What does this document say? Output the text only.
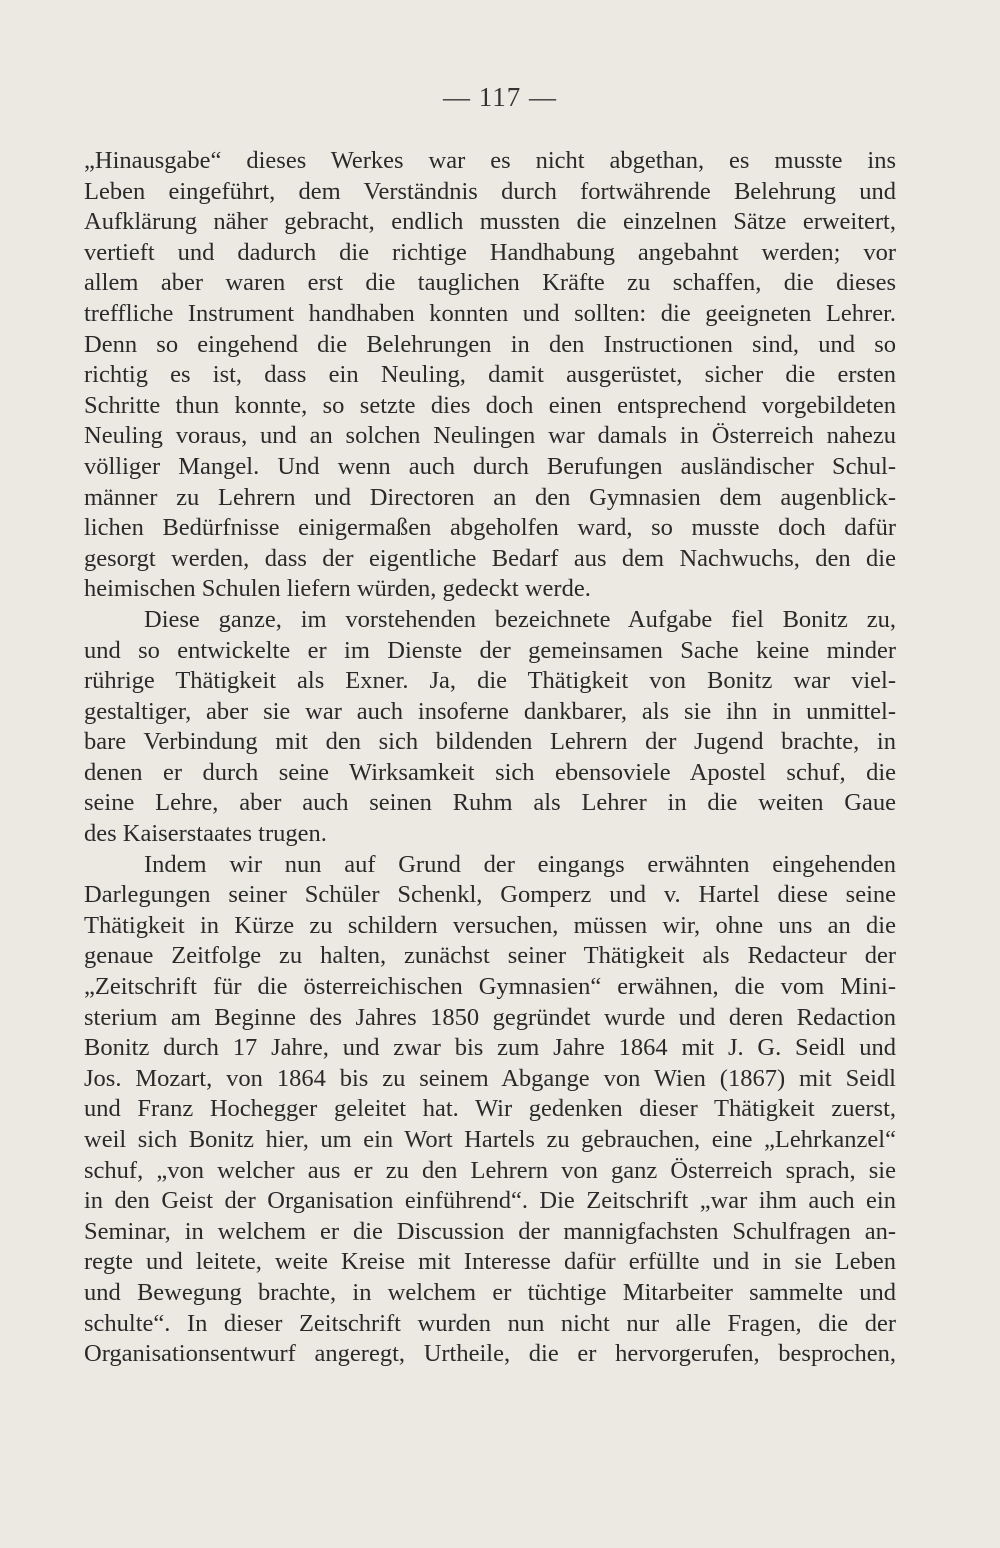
— 117 —
„Hinausgabe“ dieses Werkes war es nicht abgethan, es musste ins
Leben eingeführt, dem Verständnis durch fortwährende Belehrung und
Aufklärung näher gebracht, endlich mussten die einzelnen Sätze erweitert,
vertieft und dadurch die richtige Handhabung angebahnt werden; vor
allem aber waren erst die tauglichen Kräfte zu schaffen, die dieses
treffliche Instrument handhaben konnten und sollten: die geeigneten Lehrer.
Denn so eingehend die Belehrungen in den Instructionen sind, und so
richtig es ist, dass ein Neuling, damit ausgerüstet, sicher die ersten
Schritte thun konnte, so setzte dies doch einen entsprechend vorgebildeten
Neuling voraus, und an solchen Neulingen war damals in Österreich nahezu
völliger Mangel. Und wenn auch durch Berufungen ausländischer Schul-
männer zu Lehrern und Directoren an den Gymnasien dem augenblick-
lichen Bedürfnisse einigermaßen abgeholfen ward, so musste doch dafür
gesorgt werden, dass der eigentliche Bedarf aus dem Nachwuchs, den die
heimischen Schulen liefern würden, gedeckt werde.
Diese ganze, im vorstehenden bezeichnete Aufgabe fiel Bonitz zu,
und so entwickelte er im Dienste der gemeinsamen Sache keine minder
rührige Thätigkeit als Exner. Ja, die Thätigkeit von Bonitz war viel-
gestaltiger, aber sie war auch insoferne dankbarer, als sie ihn in unmittel-
bare Verbindung mit den sich bildenden Lehrern der Jugend brachte, in
denen er durch seine Wirksamkeit sich ebensoviele Apostel schuf, die
seine Lehre, aber auch seinen Ruhm als Lehrer in die weiten Gaue
des Kaiserstaates trugen.
Indem wir nun auf Grund der eingangs erwähnten eingehenden
Darlegungen seiner Schüler Schenkl, Gomperz und v. Hartel diese seine
Thätigkeit in Kürze zu schildern versuchen, müssen wir, ohne uns an die
genaue Zeitfolge zu halten, zunächst seiner Thätigkeit als Redacteur der
„Zeitschrift für die österreichischen Gymnasien“ erwähnen, die vom Mini-
sterium am Beginne des Jahres 1850 gegründet wurde und deren Redaction
Bonitz durch 17 Jahre, und zwar bis zum Jahre 1864 mit J. G. Seidl und
Jos. Mozart, von 1864 bis zu seinem Abgange von Wien (1867) mit Seidl
und Franz Hochegger geleitet hat. Wir gedenken dieser Thätigkeit zuerst,
weil sich Bonitz hier, um ein Wort Hartels zu gebrauchen, eine „Lehrkanzel“
schuf, „von welcher aus er zu den Lehrern von ganz Österreich sprach, sie
in den Geist der Organisation einführend“. Die Zeitschrift „war ihm auch ein
Seminar, in welchem er die Discussion der mannigfachsten Schulfragen an-
regte und leitete, weite Kreise mit Interesse dafür erfüllte und in sie Leben
und Bewegung brachte, in welchem er tüchtige Mitarbeiter sammelte und
schulte“. In dieser Zeitschrift wurden nun nicht nur alle Fragen, die der
Organisationsentwurf angeregt, Urtheile, die er hervorgerufen, besprochen,
